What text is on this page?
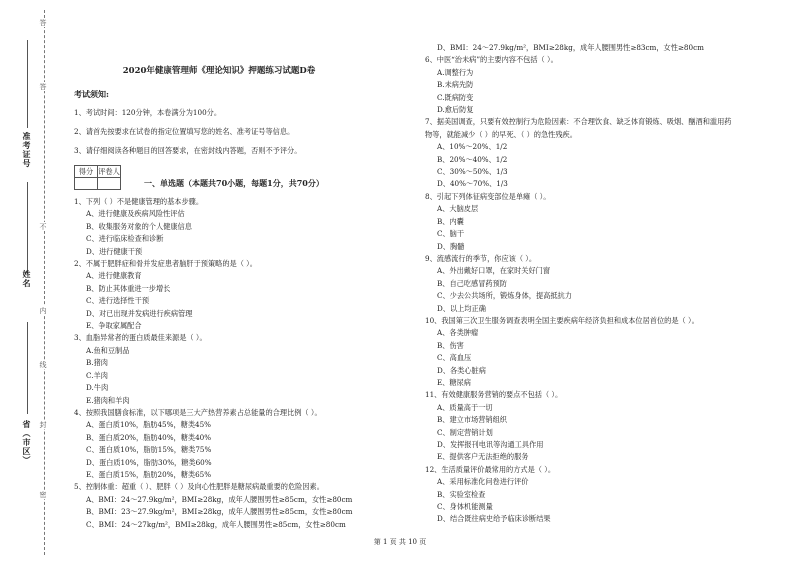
答
答
不
内
线
封
密
准考证号
姓名
省（市区）
2020年健康管理师《理论知识》押题练习试题D卷
考试须知:
1、考试时间：120分钟，本卷满分为100分。
2、请首先按要求在试卷的指定位置填写您的姓名、准考证号等信息。
3、请仔细阅读各种题目的回答要求，在密封线内答题，否则不予评分。
得分	评卷人

一、单选题（本题共70小题，每题1分，共70分）
1、下列（ ）不是健康管理的基本步骤。
A、进行健康及疾病风险性评估
B、收集服务对象的个人健康信息
C、进行临床检查和诊断
D、进行健康干预
2、不属于肥胖症和骨并发症患者脑肝于预策略的是（ ）。
A、进行健康教育
B、防止其体重进一步增长
C、进行选择性干预
D、对已出现并发病进行疾病管理
E、争取家属配合
3、血脂异常者的蛋白质最佳来源是（ ）。
A.鱼和豆制品
B.猪肉
C.羊肉
D.牛肉
E.猪肉和羊肉
4、按照我国膳食标准，以下哪项是三大产热营养素占总能量的合理比例（ ）。
A、蛋白质10%，脂肪45%，糖类45%
B、蛋白质20%，脂肪40%，糖类40%
C、蛋白质10%，脂肪15%，糖类75%
D、蛋白质10%，脂肪30%，糖类60%
E、蛋白质15%，脂肪20%，糖类65%
5、控制体重：超重（ ）、肥胖（ ）及向心性肥胖是糖尿病最重要的危险因素。
A、BMI：24～27.9kg/m²，BMI≥28kg，成年人腰围男性≥85cm，女性≥80cm
B、BMI：23～27.9kg/m²，BMI≥28kg，成年人腰围男性≥85cm，女性≥80cm
C、BMI：24～27kg/m²，BMI≥28kg，成年人腰围男性≥85cm，女性≥80cm
D、BMI：24～27.9kg/m²，BMI≥28kg，成年人腰围男性≥83cm，女性≥80cm
6、中医“治未病”的主要内容不包括（ ）。
A.调整行为
B.未病先防
C.既病防变
D.愈后防复
7、据美国调查，只要有效控制行为危险因素：不合理饮食、缺乏体育锻炼、吸烟、酗酒和滥用药物等，就能减少（ ）的早死、（ ）的急性残疾。
A、10%～20%、1/2
B、20%～40%、1/2
C、30%～50%、1/3
D、40%～70%、1/3
8、引起下列体征病变部位是单瘫（ ）。
A、大脑皮层
B、内囊
C、脑干
D、胸髓
9、流感流行的季节，你应该（ ）。
A、外出戴好口罩，在家时关好门窗
B、自己吃感冒药预防
C、少去公共场所，锻炼身体，提高抵抗力
D、以上均正确
10、我国第三次卫生服务调查表明全国主要疾病年经济负担和成本位居首位的是（ ）。
A、各类肿瘤
B、伤害
C、高血压
D、各类心脏病
E、糖尿病
11、有效健康服务营销的要点不包括（ ）。
A、质量高于一切
B、建立市场营销组织
C、制定营销计划
D、发挥报刊电讯等沟通工具作用
E、提供客户无法拒绝的服务
12、生活质量评价最常用的方式是（ ）。
A、采用标准化问卷进行评价
B、实验室检查
C、身体机能测量
D、结合既往病史给予临床诊断结果
第 1 页 共 10 页
